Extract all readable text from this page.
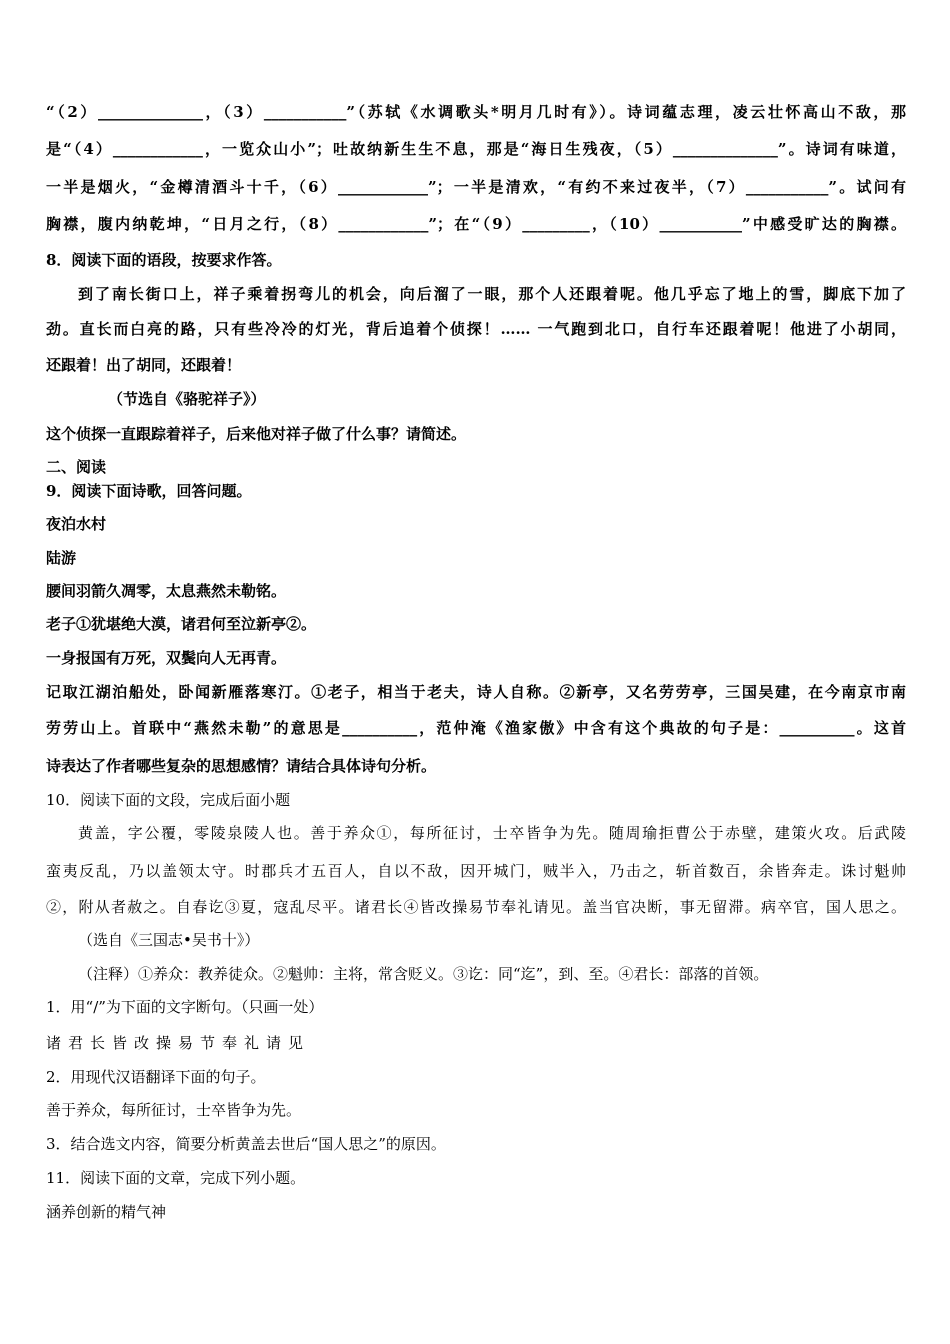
“（2）______________，（3）___________”（苏轼《水调歌头*明月几时有》）。诗词蕴志理，凌云壮怀高山不敌，那
是“（4）____________，一览众山小”；吐故纳新生生不息，那是“海日生残夜，（5）______________”。诗词有味道，
一半是烟火，“金樽清酒斗十千，（6）____________”；一半是清欢，“有约不来过夜半，（7）___________”。试问有
胸襟，腹内纳乾坤，“日月之行，（8）____________”；在“（9）_________，（10）___________”中感受旷达的胸襟。
8．阅读下面的语段，按要求作答。
到了南长街口上，祥子乘着拐弯儿的机会，向后溜了一眼，那个人还跟着呢。他几乎忘了地上的雪，脚底下加了
劲。直长而白亮的路，只有些冷冷的灯光，背后追着个侦探！…… 一气跑到北口，自行车还跟着呢！他进了小胡同，
还跟着！出了胡同，还跟着！
（节选自《骆驼祥子》）
这个侦探一直跟踪着祥子，后来他对祥子做了什么事？请简述。
二、阅读
9．阅读下面诗歌，回答问题。
夜泊水村
陆游
腰间羽箭久凋零，太息燕然未勒铭。
老子①犹堪绝大漠，诸君何至泣新亭②。
一身报国有万死，双鬓向人无再青。
记取江湖泊船处，卧闻新雁落寒汀。①老子，相当于老夫，诗人自称。②新亭，又名劳劳亭，三国吴建，在今南京市南
劳劳山上。首联中“燕然未勒”的意思是__________，范仲淹《渔家傲》中含有这个典故的句子是：__________。这首
诗表达了作者哪些复杂的思想感情？请结合具体诗句分析。
10．阅读下面的文段，完成后面小题
黄盖，字公覆，零陵泉陵人也。善于养众①，每所征讨，士卒皆争为先。随周瑜拒曹公于赤壁，建策火攻。后武陵
蛮夷反乱，乃以盖领太守。时郡兵才五百人，自以不敌，因开城门，贼半入，乃击之，斩首数百，余皆奔走。诛讨魁帅
②，附从者赦之。自春讫③夏，寇乱尽平。诸君长④皆改操易节奉礼请见。盖当官决断，事无留滞。病卒官，国人思之。
（选自《三国志•吴书十》）
（注释）①养众：教养徒众。②魁帅：主将，常含贬义。③讫：同“迄”，到、至。④君长：部落的首领。
1．用“/”为下面的文字断句。（只画一处）
诸君长皆改操易节奉礼请见
2．用现代汉语翻译下面的句子。
善于养众，每所征讨，士卒皆争为先。
3．结合选文内容，简要分析黄盖去世后“国人思之”的原因。
11．阅读下面的文章，完成下列小题。
涵养创新的精气神
